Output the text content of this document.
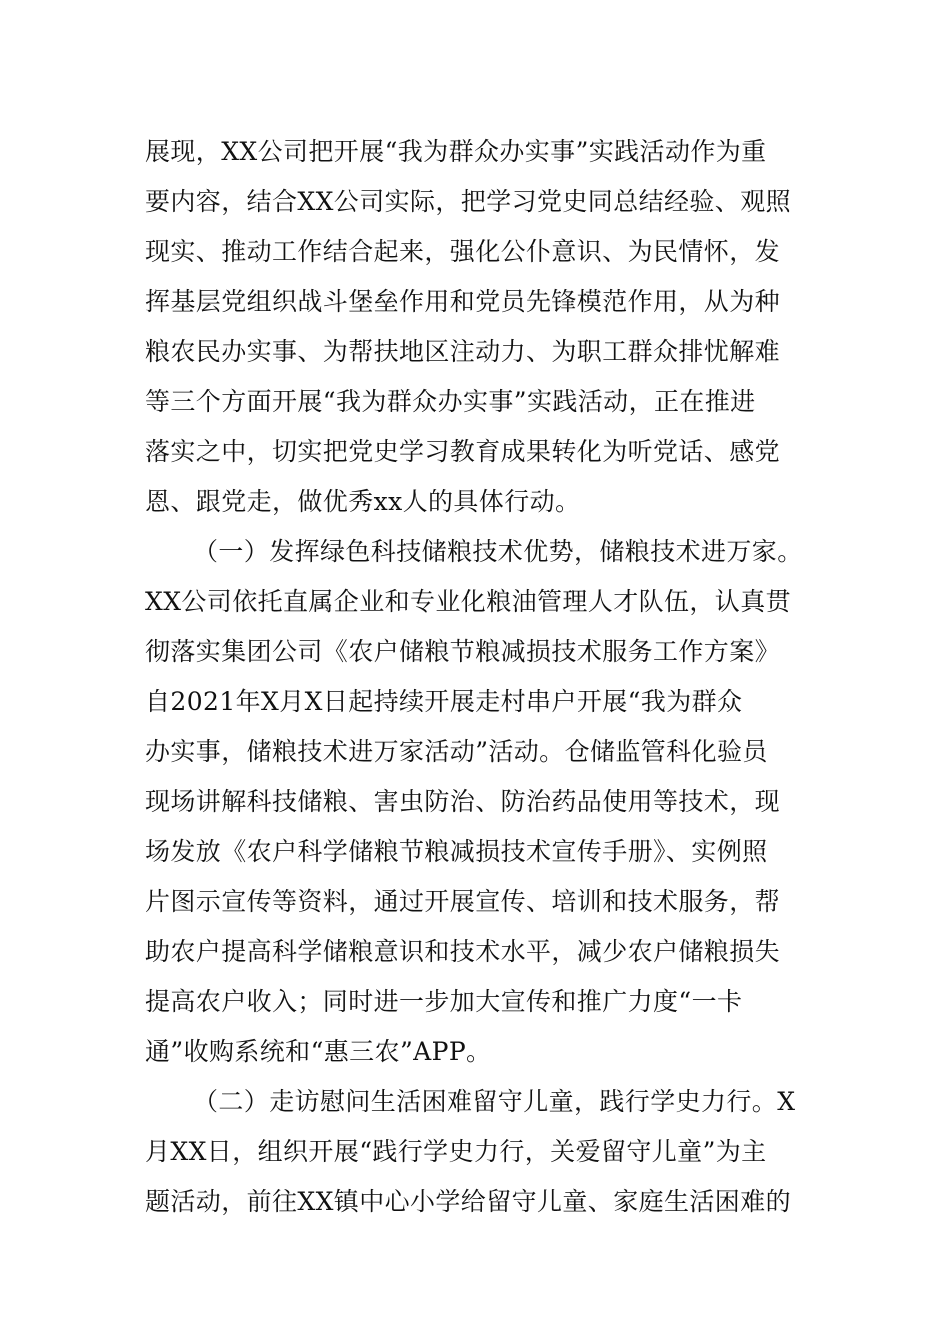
展现，XX公司把开展“我为群众办实事”实践活动作为重
要内容，结合XX公司实际，把学习党史同总结经验、观照
现实、推动工作结合起来，强化公仆意识、为民情怀，发
挥基层党组织战斗堡垒作用和党员先锋模范作用，从为种
粮农民办实事、为帮扶地区注动力、为职工群众排忧解难
等三个方面开展“我为群众办实事”实践活动，正在推进
落实之中，切实把党史学习教育成果转化为听党话、感党
恩、跟党走，做优秀xx人的具体行动。
（一）发挥绿色科技储粮技术优势，储粮技术进万家。
XX公司依托直属企业和专业化粮油管理人才队伍，认真贯
彻落实集团公司《农户储粮节粮减损技术服务工作方案》
自2021年X月X日起持续开展走村串户开展“我为群众
办实事，储粮技术进万家活动”活动。仓储监管科化验员
现场讲解科技储粮、害虫防治、防治药品使用等技术，现
场发放《农户科学储粮节粮减损技术宣传手册》、实例照
片图示宣传等资料，通过开展宣传、培训和技术服务，帮
助农户提高科学储粮意识和技术水平，减少农户储粮损失
提高农户收入；同时进一步加大宣传和推广力度“一卡
通”收购系统和“惠三农”APP。
（二）走访慰问生活困难留守儿童，践行学史力行。X
月XX日，组织开展“践行学史力行，关爱留守儿童”为主
题活动，前往XX镇中心小学给留守儿童、家庭生活困难的
